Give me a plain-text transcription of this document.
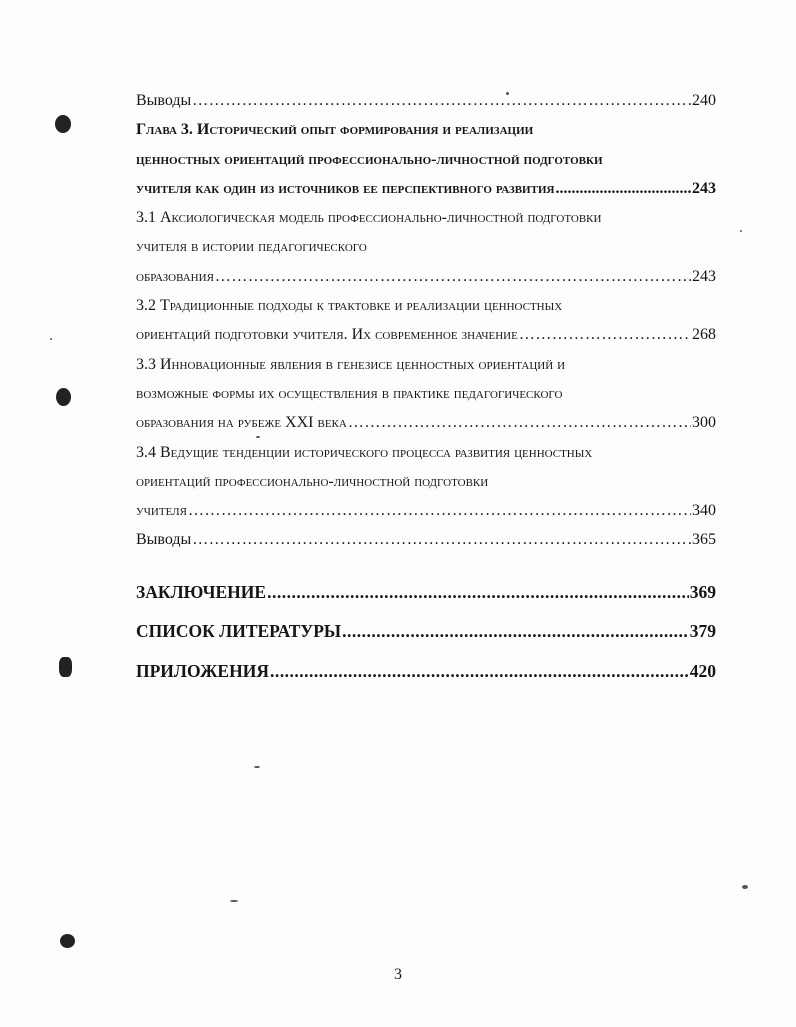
Выводы ………………………………………………………………………………………………………………………………………	240
Глава 3. Исторический опыт формирования и реализации
ценностных ориентаций профессионально-личностной подготовки
учителя как один из источников ее перспективного развития .....	243
3.1 Аксиологическая модель профессионально-личностной подготовки
учителя в истории педагогического
образования ………………………………………………………………………………………………………………………………………	243
3.2 Традиционные подходы к трактовке и реализации ценностных
ориентаций подготовки учителя. Их современное значение ………………………………………………………………………………………………………………………………………	268
3.3 Инновационные явления в генезисе ценностных ориентаций и
возможные формы их осуществления в практике педагогического
образования на рубеже XXI века ………………………………………………………………………………………………………………………………………	300
3.4 Ведущие тенденции исторического процесса развития ценностных
ориентаций профессионально-личностной подготовки
учителя ………………………………………………………………………………………………………………………………………	340
Выводы ………………………………………………………………………………………………………………………………………	365
ЗАКЛЮЧЕНИЕ .....	369
СПИСОК ЛИТЕРАТУРЫ .....	379
ПРИЛОЖЕНИЯ .....	420
3
